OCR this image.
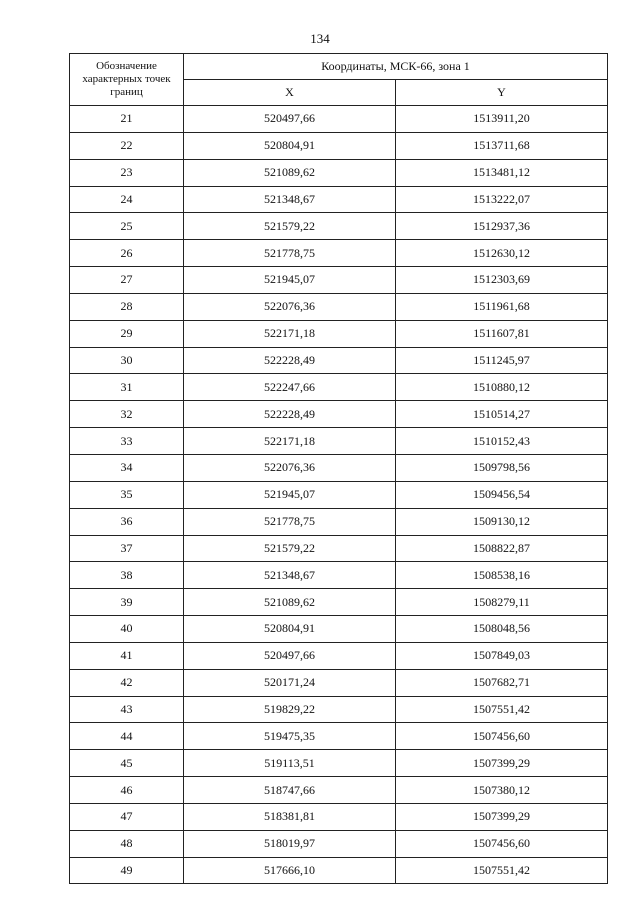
134
Обозначение характерных точек границ	Координаты, МСК-66, зона 1	
	X	Y
21	520497,66	1513911,20
22	520804,91	1513711,68
23	521089,62	1513481,12
24	521348,67	1513222,07
25	521579,22	1512937,36
26	521778,75	1512630,12
27	521945,07	1512303,69
28	522076,36	1511961,68
29	522171,18	1511607,81
30	522228,49	1511245,97
31	522247,66	1510880,12
32	522228,49	1510514,27
33	522171,18	1510152,43
34	522076,36	1509798,56
35	521945,07	1509456,54
36	521778,75	1509130,12
37	521579,22	1508822,87
38	521348,67	1508538,16
39	521089,62	1508279,11
40	520804,91	1508048,56
41	520497,66	1507849,03
42	520171,24	1507682,71
43	519829,22	1507551,42
44	519475,35	1507456,60
45	519113,51	1507399,29
46	518747,66	1507380,12
47	518381,81	1507399,29
48	518019,97	1507456,60
49	517666,10	1507551,42
